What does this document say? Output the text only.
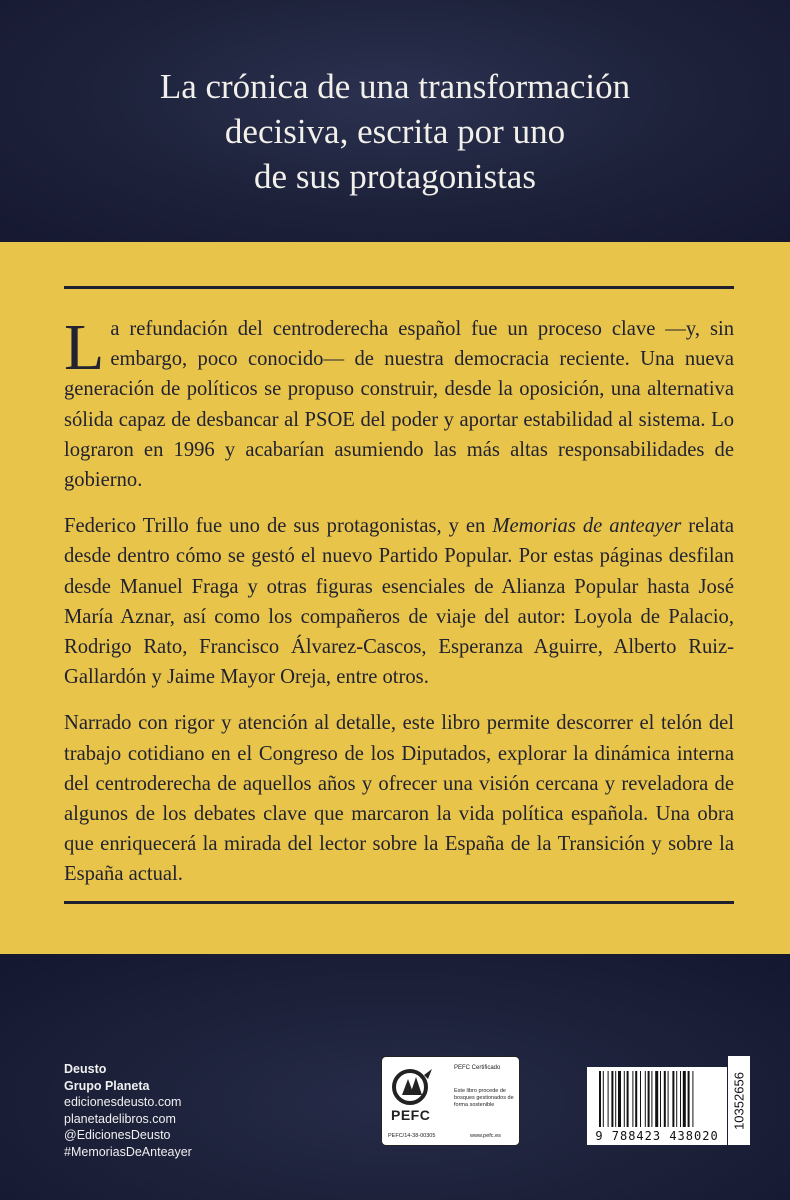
La crónica de una transformación
decisiva, escrita por uno
de sus protagonistas

La refundación del centroderecha español fue un proceso clave —y, sin embargo, poco conocido— de nuestra democracia reciente. Una nueva generación de políticos se propuso construir, desde la oposición, una alternativa sólida capaz de desbancar al PSOE del poder y aportar estabilidad al sistema. Lo lograron en 1996 y acabarían asumiendo las más altas responsabilidades de gobierno.

Federico Trillo fue uno de sus protagonistas, y en Memorias de anteayer relata desde dentro cómo se gestó el nuevo Partido Popular. Por estas páginas desfilan desde Manuel Fraga y otras figuras esenciales de Alianza Popular hasta José María Aznar, así como los compañeros de viaje del autor: Loyola de Palacio, Rodrigo Rato, Francisco Álvarez-Cascos, Esperanza Aguirre, Alberto Ruiz-Gallardón y Jaime Mayor Oreja, entre otros.

Narrado con rigor y atención al detalle, este libro permite descorrer el telón del trabajo cotidiano en el Congreso de los Diputados, explorar la dinámica interna del centroderecha de aquellos años y ofrecer una visión cercana y reveladora de algunos de los debates clave que marcaron la vida política española. Una obra que enriquecerá la mirada del lector sobre la España de la Transición y sobre la España actual.

Deusto
Grupo Planeta
edicionesdeusto.com
planetadelibros.com
@EdicionesDeusto
#MemoriasDeAnteayer
PEFC
PEFC Certificado
Este libro procede de bosques gestionados de forma sostenible
PEFC/14-38-00305	www.pefc.es	9 788423 438020
10352656
